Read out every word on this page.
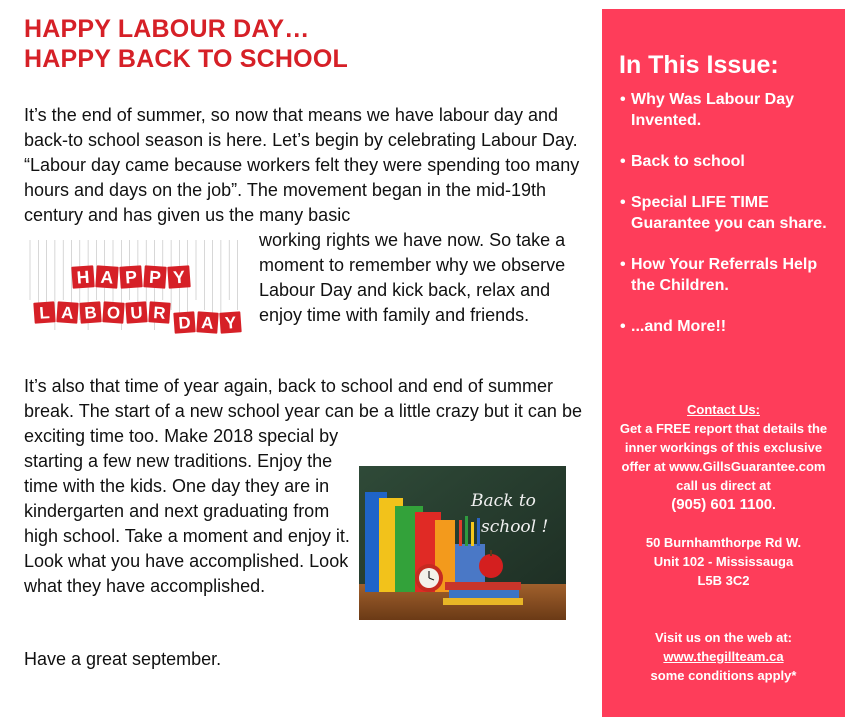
HAPPY LABOUR DAY…
HAPPY BACK TO SCHOOL
It’s the end of summer, so now that means we have labour day and back-to school season is here. Let’s begin by celebrating Labour Day. “Labour day came because workers felt they were spending too many hours and days on the job”. The movement began in the mid-19th century and has given us the many basic
H A P P Y
L A B O U R
D A Y
working rights we have now. So take a moment to remember why we observe Labour Day and kick back, relax and enjoy time with family and friends.
It’s also that time of year again, back to school and end of summer break. The start of a new school year can be a little crazy but it can be exciting time too. Make 2018 special by
starting a few new traditions. Enjoy the time with the kids. One day they are in kindergarten and next graduating from high school. Take a moment and enjoy it. Look what you have accomplished. Look what they have accomplished.
Back to
school !
Have a great september.
In This Issue:
• Why Was Labour Day Invented.
• Back to school
• Special LIFE TIME Guarantee you can share.
• How Your Referrals Help the Children.
• ...and More!!
Contact Us:
Get a FREE report that details the inner workings of this exclusive offer at www.GillsGuarantee.com call us direct at
(905) 601 1100.
50 Burnhamthorpe Rd W.
Unit 102 - Mississauga
L5B 3C2
Visit us on the web at:
www.thegillteam.ca
some conditions apply*
